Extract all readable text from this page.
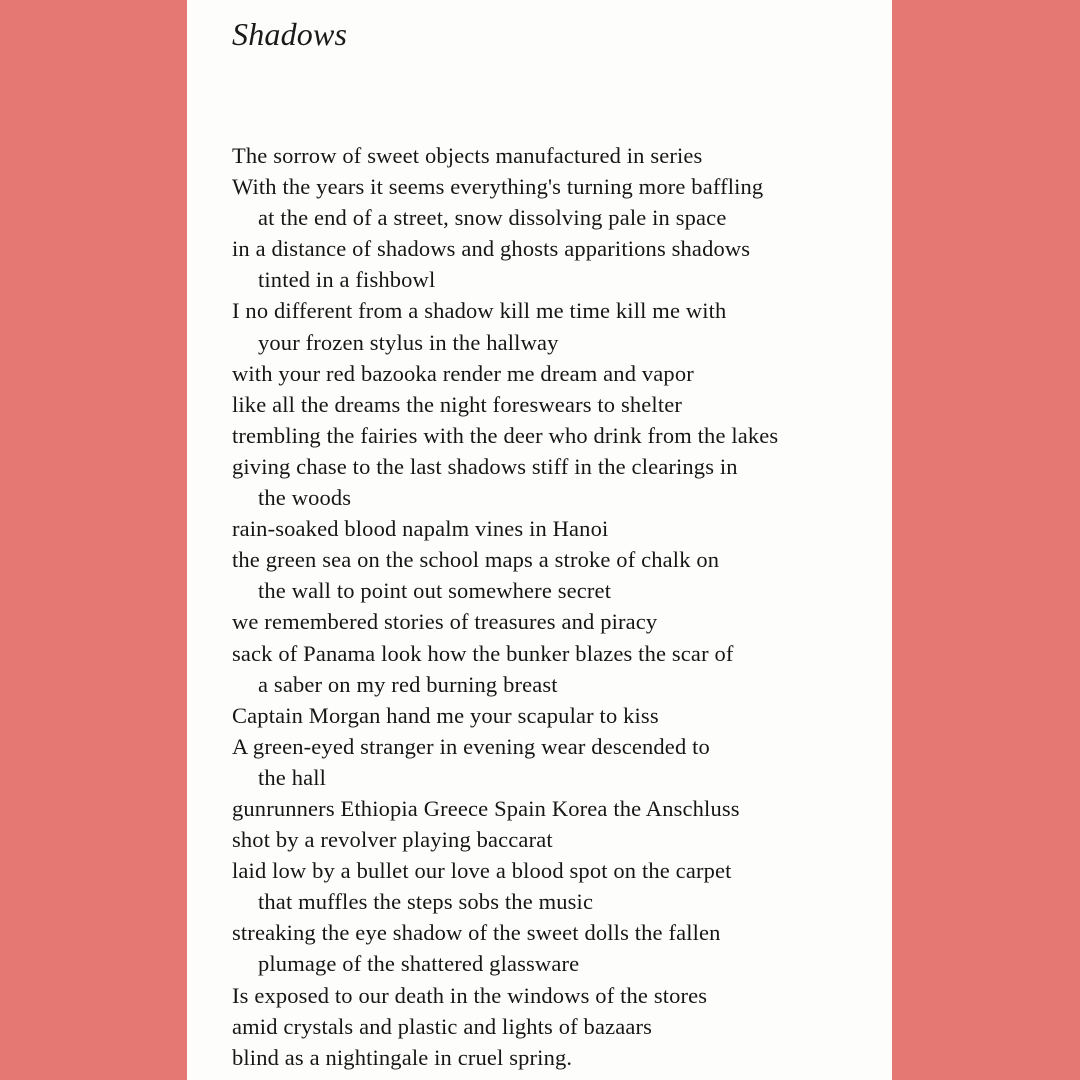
Shadows
The sorrow of sweet objects manufactured in series
With the years it seems everything's turning more baffling
at the end of a street, snow dissolving pale in space
in a distance of shadows and ghosts apparitions shadows
tinted in a fishbowl
I no different from a shadow kill me time kill me with
your frozen stylus in the hallway
with your red bazooka render me dream and vapor
like all the dreams the night foreswears to shelter
trembling the fairies with the deer who drink from the lakes
giving chase to the last shadows stiff in the clearings in
the woods
rain-soaked blood napalm vines in Hanoi
the green sea on the school maps a stroke of chalk on
the wall to point out somewhere secret
we remembered stories of treasures and piracy
sack of Panama look how the bunker blazes the scar of
a saber on my red burning breast
Captain Morgan hand me your scapular to kiss
A green-eyed stranger in evening wear descended to
the hall
gunrunners Ethiopia Greece Spain Korea the Anschluss
shot by a revolver playing baccarat
laid low by a bullet our love a blood spot on the carpet
that muffles the steps sobs the music
streaking the eye shadow of the sweet dolls the fallen
plumage of the shattered glassware
Is exposed to our death in the windows of the stores
amid crystals and plastic and lights of bazaars
blind as a nightingale in cruel spring.
